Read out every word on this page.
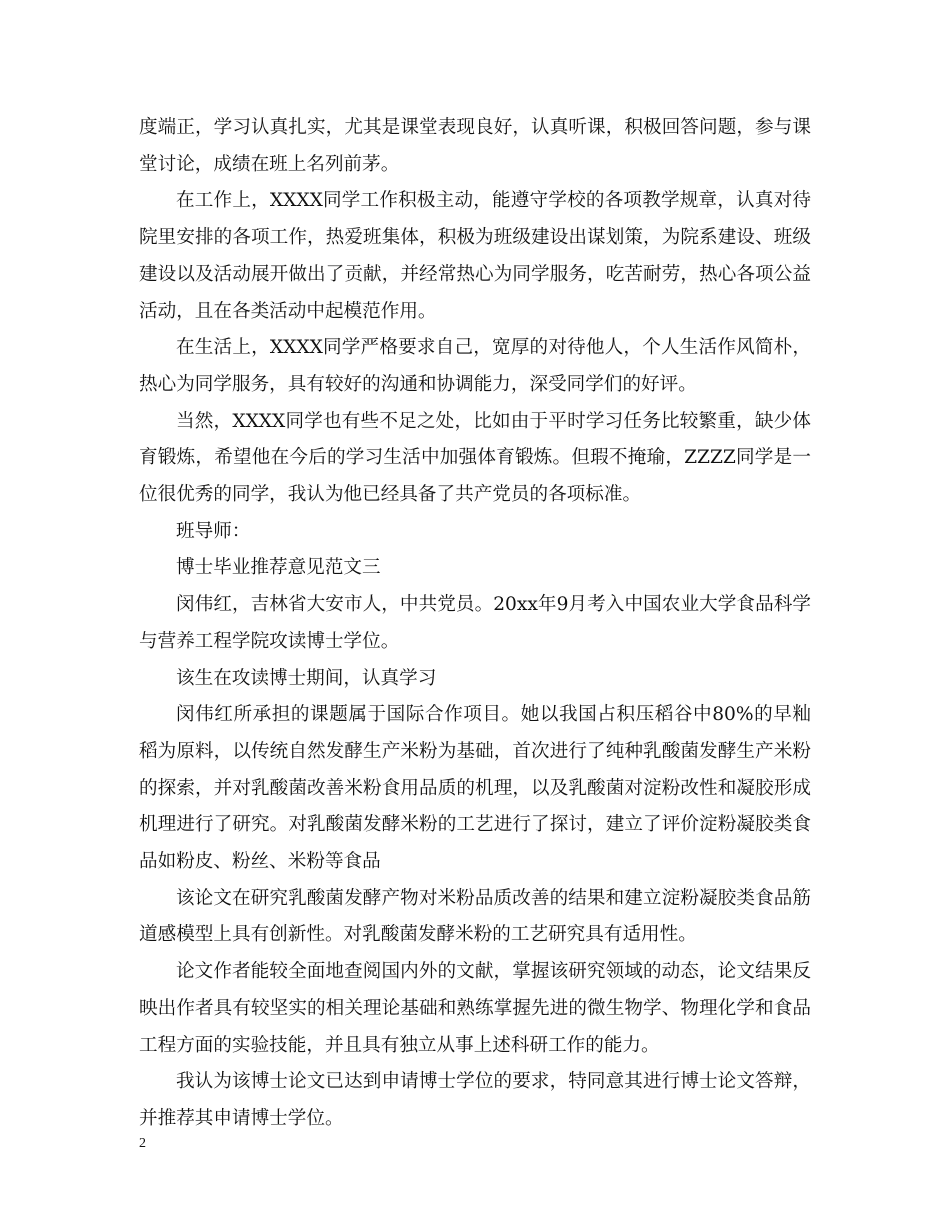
度端正，学习认真扎实，尤其是课堂表现良好，认真听课，积极回答问题，参与课堂讨论，成绩在班上名列前茅。

在工作上，XXXX同学工作积极主动，能遵守学校的各项教学规章，认真对待院里安排的各项工作，热爱班集体，积极为班级建设出谋划策，为院系建设、班级建设以及活动展开做出了贡献，并经常热心为同学服务，吃苦耐劳，热心各项公益活动，且在各类活动中起模范作用。

在生活上，XXXX同学严格要求自己，宽厚的对待他人，个人生活作风简朴，热心为同学服务，具有较好的沟通和协调能力，深受同学们的好评。

当然，XXXX同学也有些不足之处，比如由于平时学习任务比较繁重，缺少体育锻炼，希望他在今后的学习生活中加强体育锻炼。但瑕不掩瑜，ZZZZ同学是一位很优秀的同学，我认为他已经具备了共产党员的各项标准。

班导师：

博士毕业推荐意见范文三

闵伟红，吉林省大安市人，中共党员。20xx年9月考入中国农业大学食品科学与营养工程学院攻读博士学位。

该生在攻读博士期间，认真学习

闵伟红所承担的课题属于国际合作项目。她以我国占积压稻谷中80%的早籼稻为原料，以传统自然发酵生产米粉为基础，首次进行了纯种乳酸菌发酵生产米粉的探索，并对乳酸菌改善米粉食用品质的机理，以及乳酸菌对淀粉改性和凝胶形成机理进行了研究。对乳酸菌发酵米粉的工艺进行了探讨，建立了评价淀粉凝胶类食品如粉皮、粉丝、米粉等食品

该论文在研究乳酸菌发酵产物对米粉品质改善的结果和建立淀粉凝胶类食品筋道感模型上具有创新性。对乳酸菌发酵米粉的工艺研究具有适用性。

论文作者能较全面地查阅国内外的文献，掌握该研究领域的动态，论文结果反映出作者具有较坚实的相关理论基础和熟练掌握先进的微生物学、物理化学和食品工程方面的实验技能，并且具有独立从事上述科研工作的能力。

我认为该博士论文已达到申请博士学位的要求，特同意其进行博士论文答辩，并推荐其申请博士学位。

2
